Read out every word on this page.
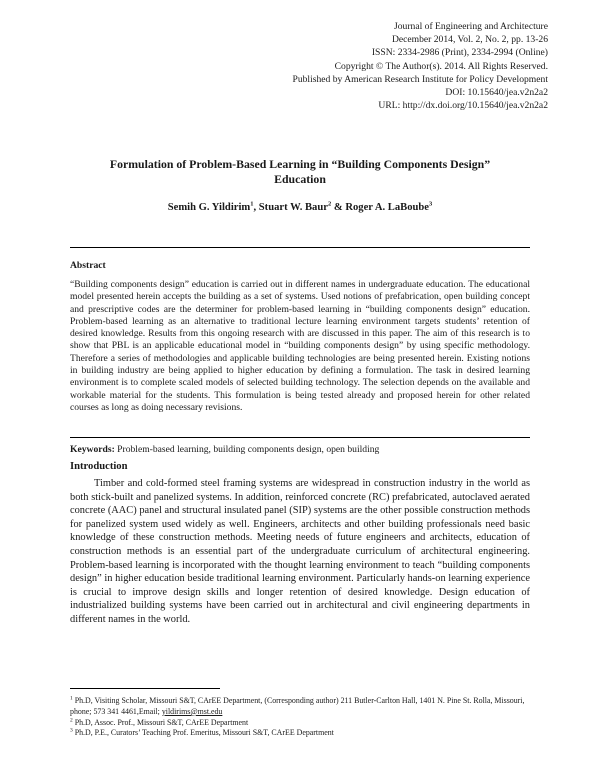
Journal of Engineering and Architecture
December 2014, Vol. 2, No. 2, pp. 13-26
ISSN: 2334-2986 (Print), 2334-2994 (Online)
Copyright © The Author(s). 2014. All Rights Reserved.
Published by American Research Institute for Policy Development
DOI: 10.15640/jea.v2n2a2
URL: http://dx.doi.org/10.15640/jea.v2n2a2
Formulation of Problem-Based Learning in “Building Components Design”
Education
Semih G. Yildirim$^1$, Stuart W. Baur$^2$ & Roger A. LaBoube$^3$
Abstract
“Building components design” education is carried out in different names in undergraduate education. The educational model presented herein accepts the building as a set of systems. Used notions of prefabrication, open building concept and prescriptive codes are the determiner for problem-based learning in “building components design” education. Problem-based learning as an alternative to traditional lecture learning environment targets students’ retention of desired knowledge. Results from this ongoing research with are discussed in this paper. The aim of this research is to show that PBL is an applicable educational model in “building components design” by using specific methodology. Therefore a series of methodologies and applicable building technologies are being presented herein. Existing notions in building industry are being applied to higher education by defining a formulation. The task in desired learning environment is to complete scaled models of selected building technology. The selection depends on the available and workable material for the students. This formulation is being tested already and proposed herein for other related courses as long as doing necessary revisions.
Keywords: Problem-based learning, building components design, open building
Introduction
Timber and cold-formed steel framing systems are widespread in construction industry in the world as both stick-built and panelized systems. In addition, reinforced concrete (RC) prefabricated, autoclaved aerated concrete (AAC) panel and structural insulated panel (SIP) systems are the other possible construction methods for panelized system used widely as well. Engineers, architects and other building professionals need basic knowledge of these construction methods. Meeting needs of future engineers and architects, education of construction methods is an essential part of the undergraduate curriculum of architectural engineering. Problem-based learning is incorporated with the thought learning environment to teach “building components design” in higher education beside traditional learning environment. Particularly hands-on learning experience is crucial to improve design skills and longer retention of desired knowledge. Design education of industrialized building systems have been carried out in architectural and civil engineering departments in different names in the world.
$^1$ Ph.D, Visiting Scholar, Missouri S&T, CArEE Department, (Corresponding author) 211 Butler-Carlton Hall, 1401 N. Pine St. Rolla, Missouri, phone; 573 341 4461,Email; yildirims@mst.edu
$^2$ Ph.D, Assoc. Prof., Missouri S&T, CArEE Department
$^3$ Ph.D, P.E., Curators’ Teaching Prof. Emeritus, Missouri S&T, CArEE Department
